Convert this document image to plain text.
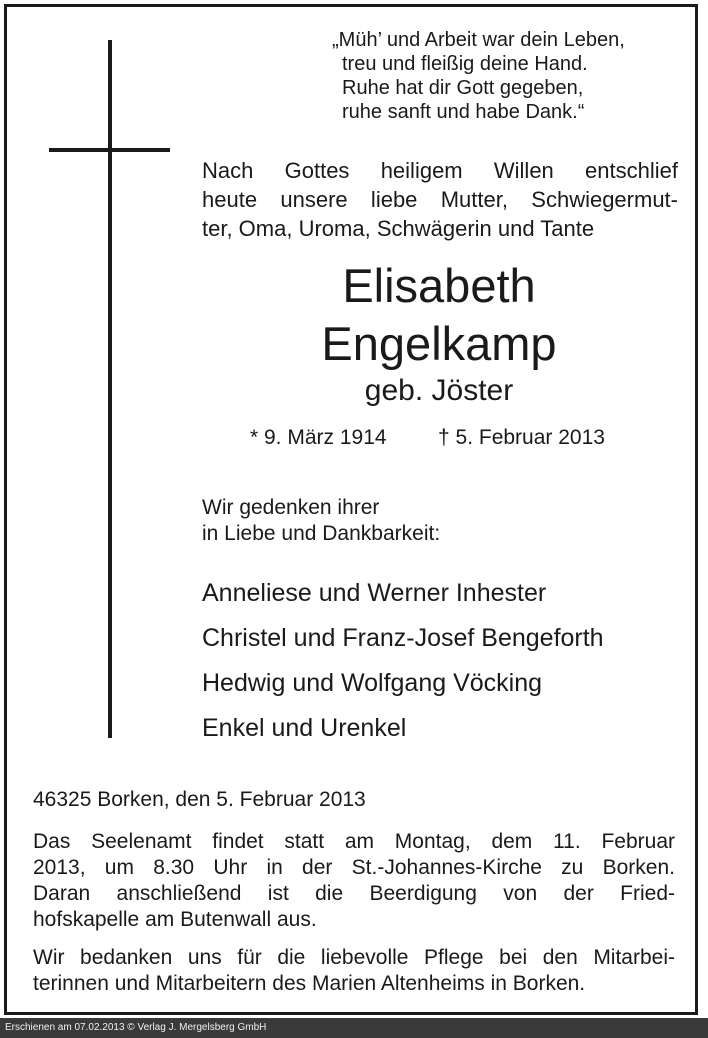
„Müh’ und Arbeit war dein Leben,
treu und fleißig deine Hand.
Ruhe hat dir Gott gegeben,
ruhe sanft und habe Dank.“
Nach Gottes heiligem Willen entschlief
heute unsere liebe Mutter, Schwiegermut-
ter, Oma, Uroma, Schwägerin und Tante
Elisabeth
Engelkamp
geb. Jöster
* 9. März 1914 † 5. Februar 2013
Wir gedenken ihrer
in Liebe und Dankbarkeit:
Anneliese und Werner Inhester
Christel und Franz-Josef Bengeforth
Hedwig und Wolfgang Vöcking
Enkel und Urenkel
46325 Borken, den 5. Februar 2013
Das Seelenamt findet statt am Montag, dem 11. Februar
2013, um 8.30 Uhr in der St.-Johannes-Kirche zu Borken.
Daran anschließend ist die Beerdigung von der Fried-
hofskapelle am Butenwall aus.
Wir bedanken uns für die liebevolle Pflege bei den Mitarbei-
terinnen und Mitarbeitern des Marien Altenheims in Borken.
Erschienen am 07.02.2013 © Verlag J. Mergelsberg GmbH
